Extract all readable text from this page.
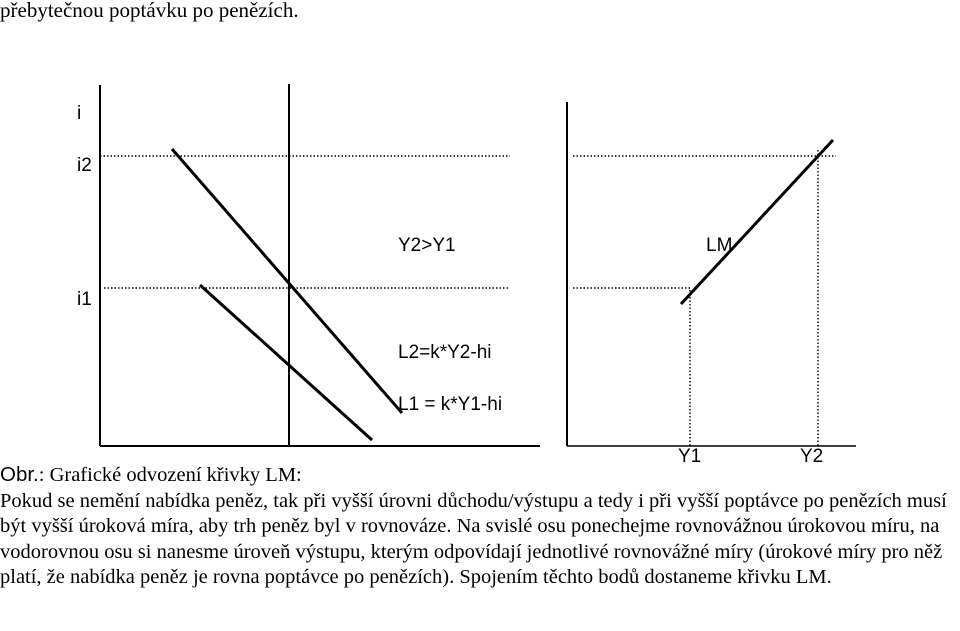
přebytečnou poptávku po penězích.
i
i2
i1
Y2>Y1	LM
L2=k*Y2-hi
L1 = k*Y1-hi
Y1	Y2

Obr.: Grafické odvození křivky LM:

Pokud se nemění nabídka peněz, tak při vyšší úrovni důchodu/výstupu a tedy i při vyšší poptávce po penězích musí být vyšší úroková míra, aby trh peněz byl v rovnováze. Na svislé osu ponechejme rovnovážnou úrokovou míru, na vodorovnou osu si nanesme úroveň výstupu, kterým odpovídají jednotlivé rovnovážné míry (úrokové míry pro něž platí, že nabídka peněz je rovna poptávce po penězích). Spojením těchto bodů dostaneme křivku LM.
